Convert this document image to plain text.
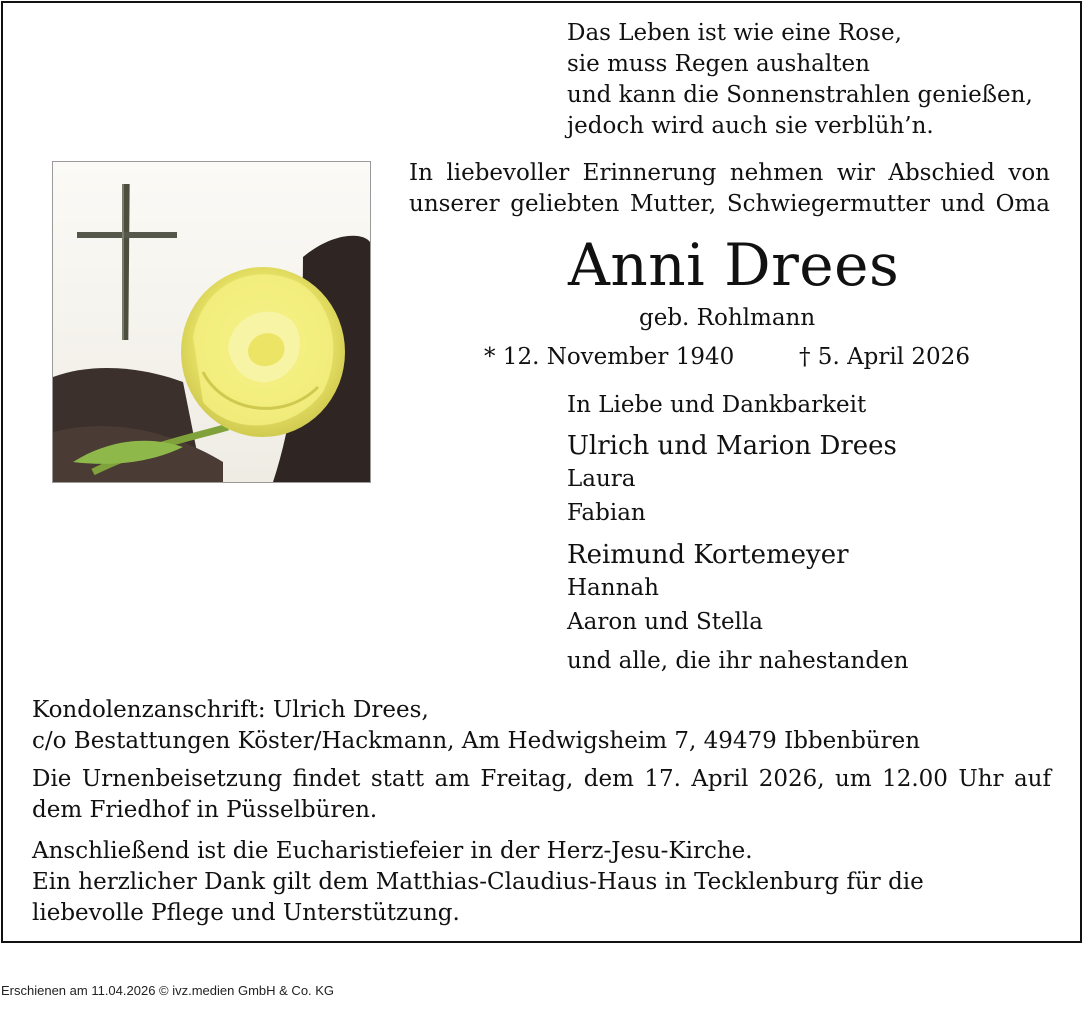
Das Leben ist wie eine Rose,
sie muss Regen aushalten
und kann die Sonnenstrahlen genießen,
jedoch wird auch sie verblüh’n.
In liebevoller Erinnerung nehmen wir Abschied von
unserer geliebten Mutter, Schwiegermutter und Oma
Anni Drees
geb. Rohlmann
* 12. November 1940	† 5. April 2026
In Liebe und Dankbarkeit
Ulrich und Marion Drees
Laura
Fabian
Reimund Kortemeyer
Hannah
Aaron und Stella
und alle, die ihr nahestanden
Kondolenzanschrift: Ulrich Drees,
c/o Bestattungen Köster/Hackmann, Am Hedwigsheim 7, 49479 Ibbenbüren
Die Urnenbeisetzung findet statt am Freitag, dem 17. April 2026, um 12.00 Uhr auf
dem Friedhof in Püsselbüren.
Anschließend ist die Eucharistiefeier in der Herz-Jesu-Kirche.
Ein herzlicher Dank gilt dem Matthias-Claudius-Haus in Tecklenburg für die
liebevolle Pflege und Unterstützung.
Erschienen am 11.04.2026 © ivz.medien GmbH & Co. KG
